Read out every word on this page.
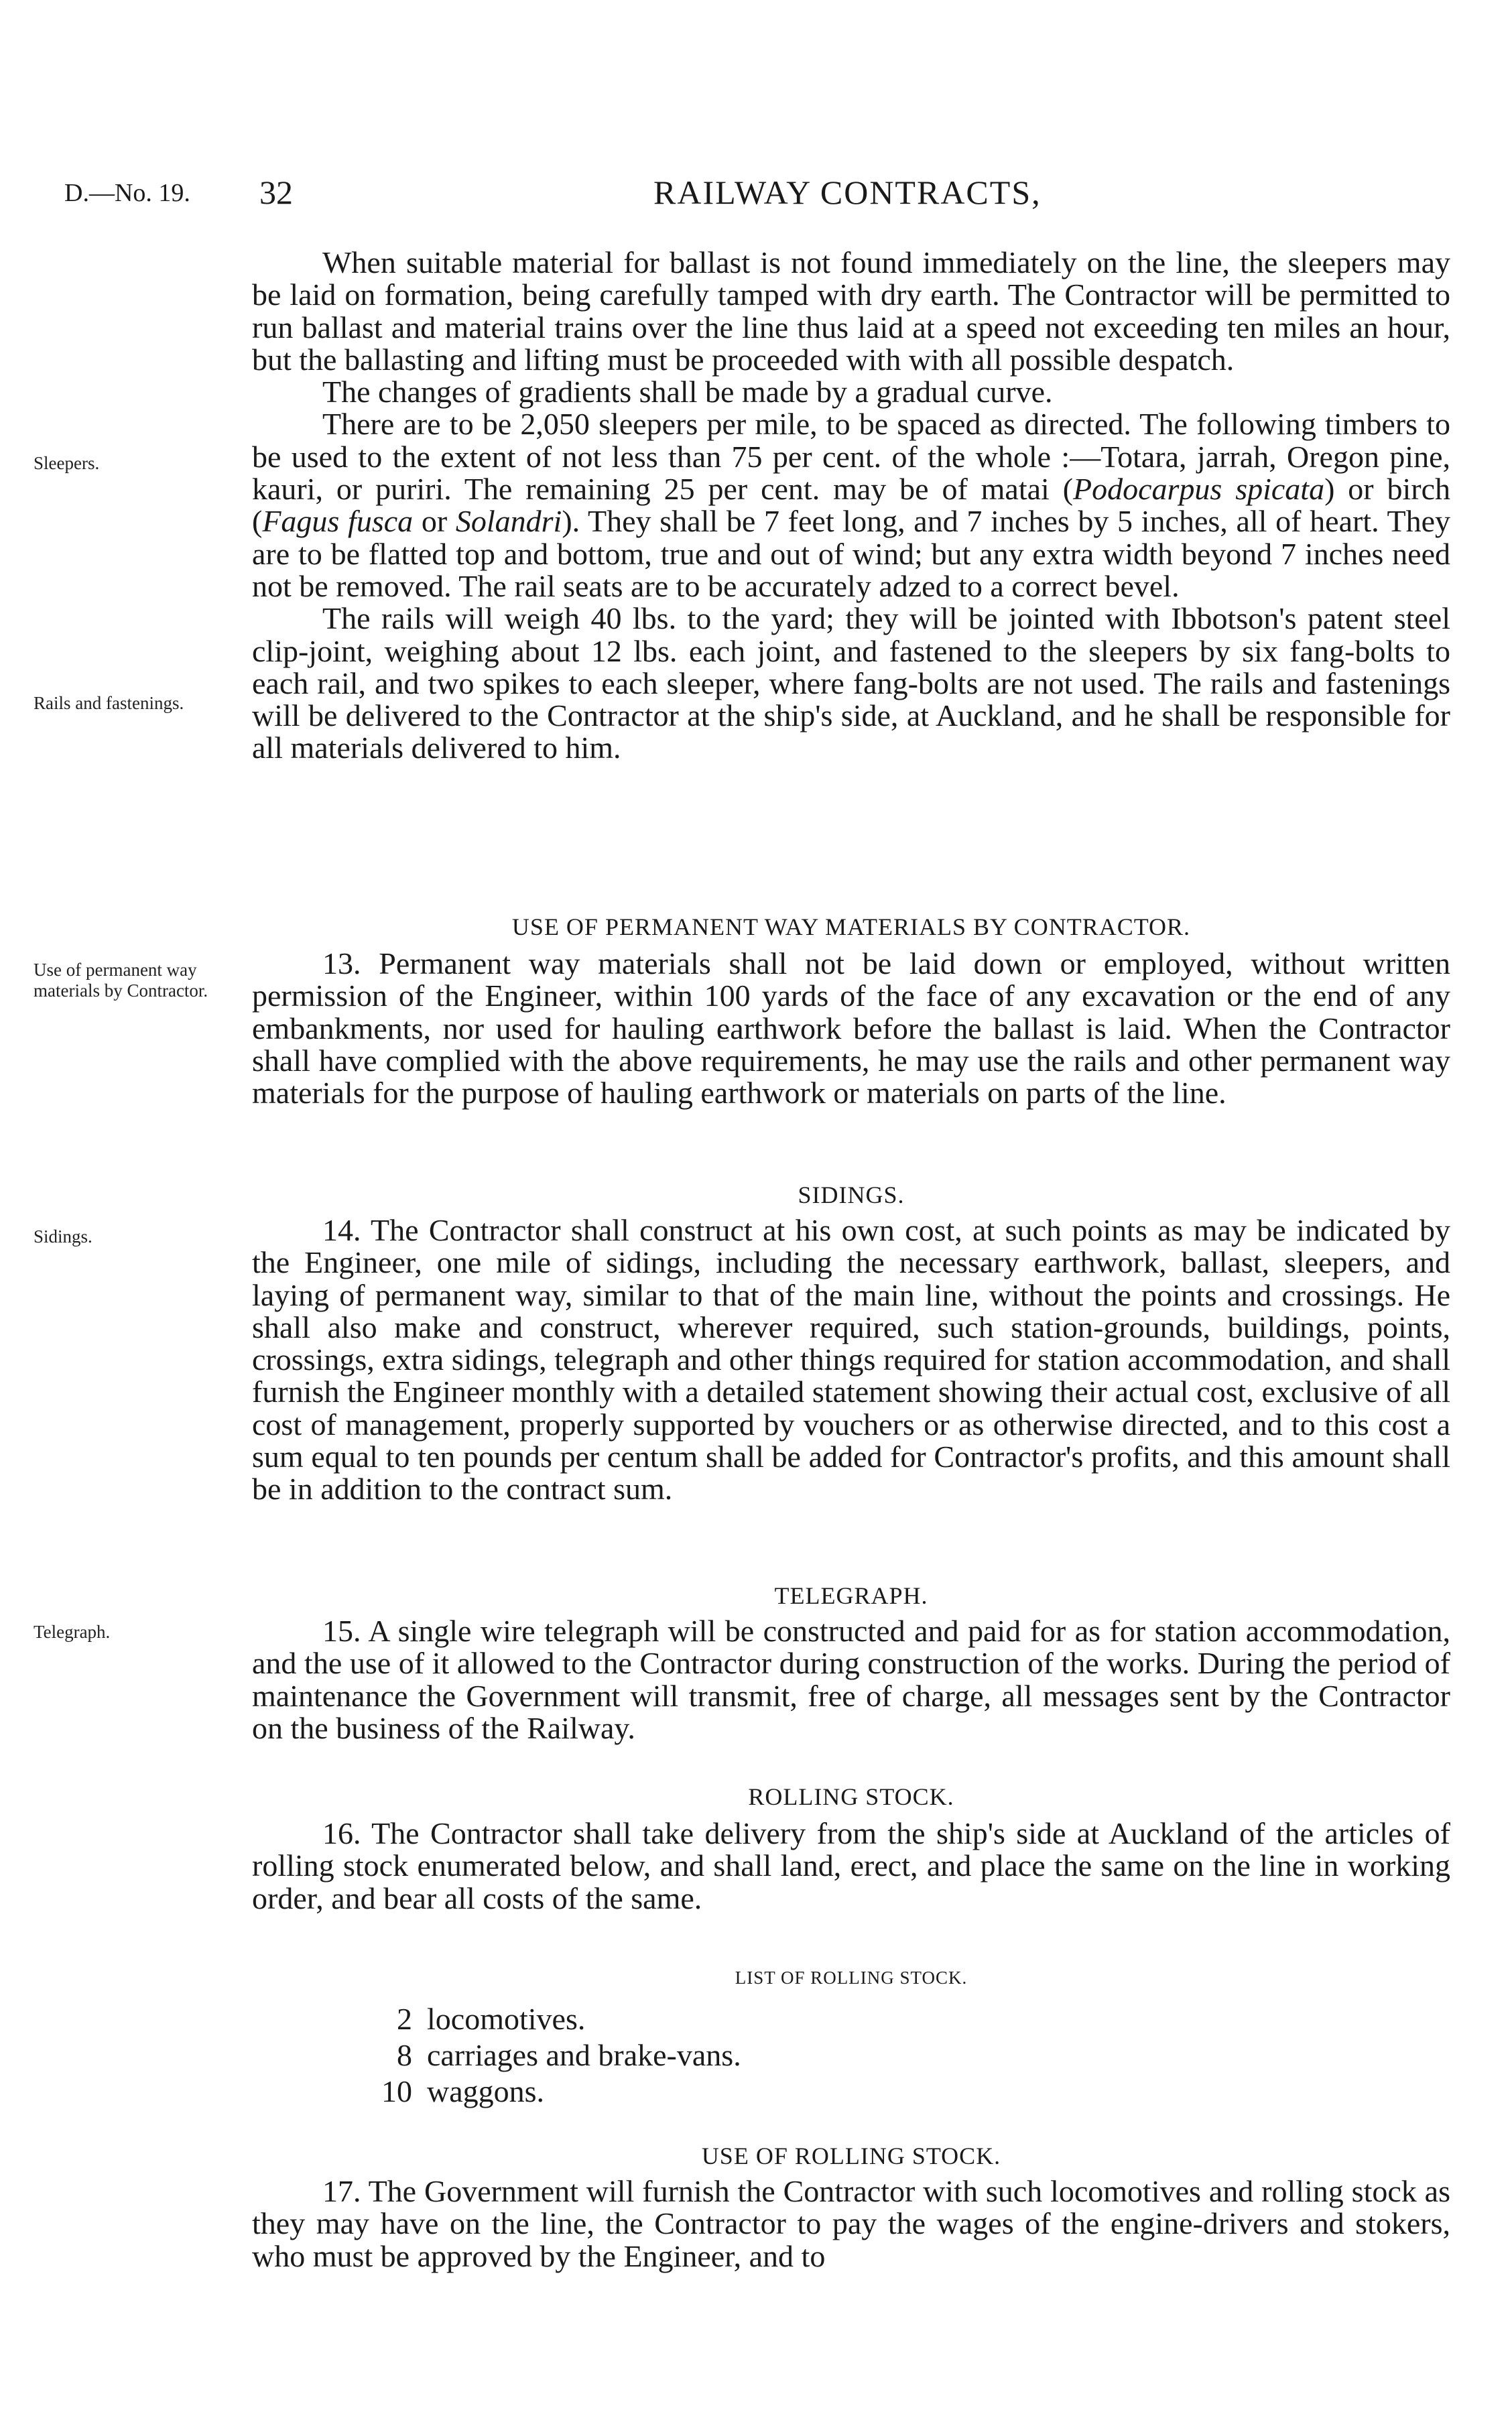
D.—No. 19. 32	RAILWAY CONTRACTS,
Sleepers.
Rails and fastenings.
Use of permanent way materials by Contractor.
Sidings.
Telegraph.

When suitable material for ballast is not found immediately on the line, the sleepers may be laid on formation, being carefully tamped with dry earth. The Contractor will be permitted to run ballast and material trains over the line thus laid at a speed not exceeding ten miles an hour, but the ballasting and lifting must be proceeded with with all possible despatch.

The changes of gradients shall be made by a gradual curve.

There are to be 2,050 sleepers per mile, to be spaced as directed. The following timbers to be used to the extent of not less than 75 per cent. of the whole :—Totara, jarrah, Oregon pine, kauri, or puriri. The remaining 25 per cent. may be of matai (Podocarpus spicata) or birch (Fagus fusca or Solandri). They shall be 7 feet long, and 7 inches by 5 inches, all of heart. They are to be flatted top and bottom, true and out of wind; but any extra width beyond 7 inches need not be removed. The rail seats are to be accurately adzed to a correct bevel.

The rails will weigh 40 lbs. to the yard; they will be jointed with Ibbotson's patent steel clip-joint, weighing about 12 lbs. each joint, and fastened to the sleepers by six fang-bolts to each rail, and two spikes to each sleeper, where fang-bolts are not used. The rails and fastenings will be delivered to the Contractor at the ship's side, at Auckland, and he shall be responsible for all materials delivered to him.

USE OF PERMANENT WAY MATERIALS BY CONTRACTOR.

13. Permanent way materials shall not be laid down or employed, without written permission of the Engineer, within 100 yards of the face of any excavation or the end of any embankments, nor used for hauling earthwork before the ballast is laid. When the Contractor shall have complied with the above requirements, he may use the rails and other permanent way materials for the purpose of hauling earthwork or materials on parts of the line.

SIDINGS.

14. The Contractor shall construct at his own cost, at such points as may be indicated by the Engineer, one mile of sidings, including the necessary earthwork, ballast, sleepers, and laying of permanent way, similar to that of the main line, without the points and crossings. He shall also make and construct, wherever required, such station-grounds, buildings, points, crossings, extra sidings, telegraph and other things required for station accommodation, and shall furnish the Engineer monthly with a detailed statement showing their actual cost, exclusive of all cost of management, properly supported by vouchers or as otherwise directed, and to this cost a sum equal to ten pounds per centum shall be added for Contractor's profits, and this amount shall be in addition to the contract sum.

TELEGRAPH.

15. A single wire telegraph will be constructed and paid for as for station accommodation, and the use of it allowed to the Contractor during construction of the works. During the period of maintenance the Government will transmit, free of charge, all messages sent by the Contractor on the business of the Railway.

ROLLING STOCK.

16. The Contractor shall take delivery from the ship's side at Auckland of the articles of rolling stock enumerated below, and shall land, erect, and place the same on the line in working order, and bear all costs of the same.

LIST OF ROLLING STOCK.
2 locomotives.
8 carriages and brake-vans.
10 waggons.
USE OF ROLLING STOCK.

17. The Government will furnish the Contractor with such locomotives and rolling stock as they may have on the line, the Contractor to pay the wages of the engine-drivers and stokers, who must be approved by the Engineer, and to
